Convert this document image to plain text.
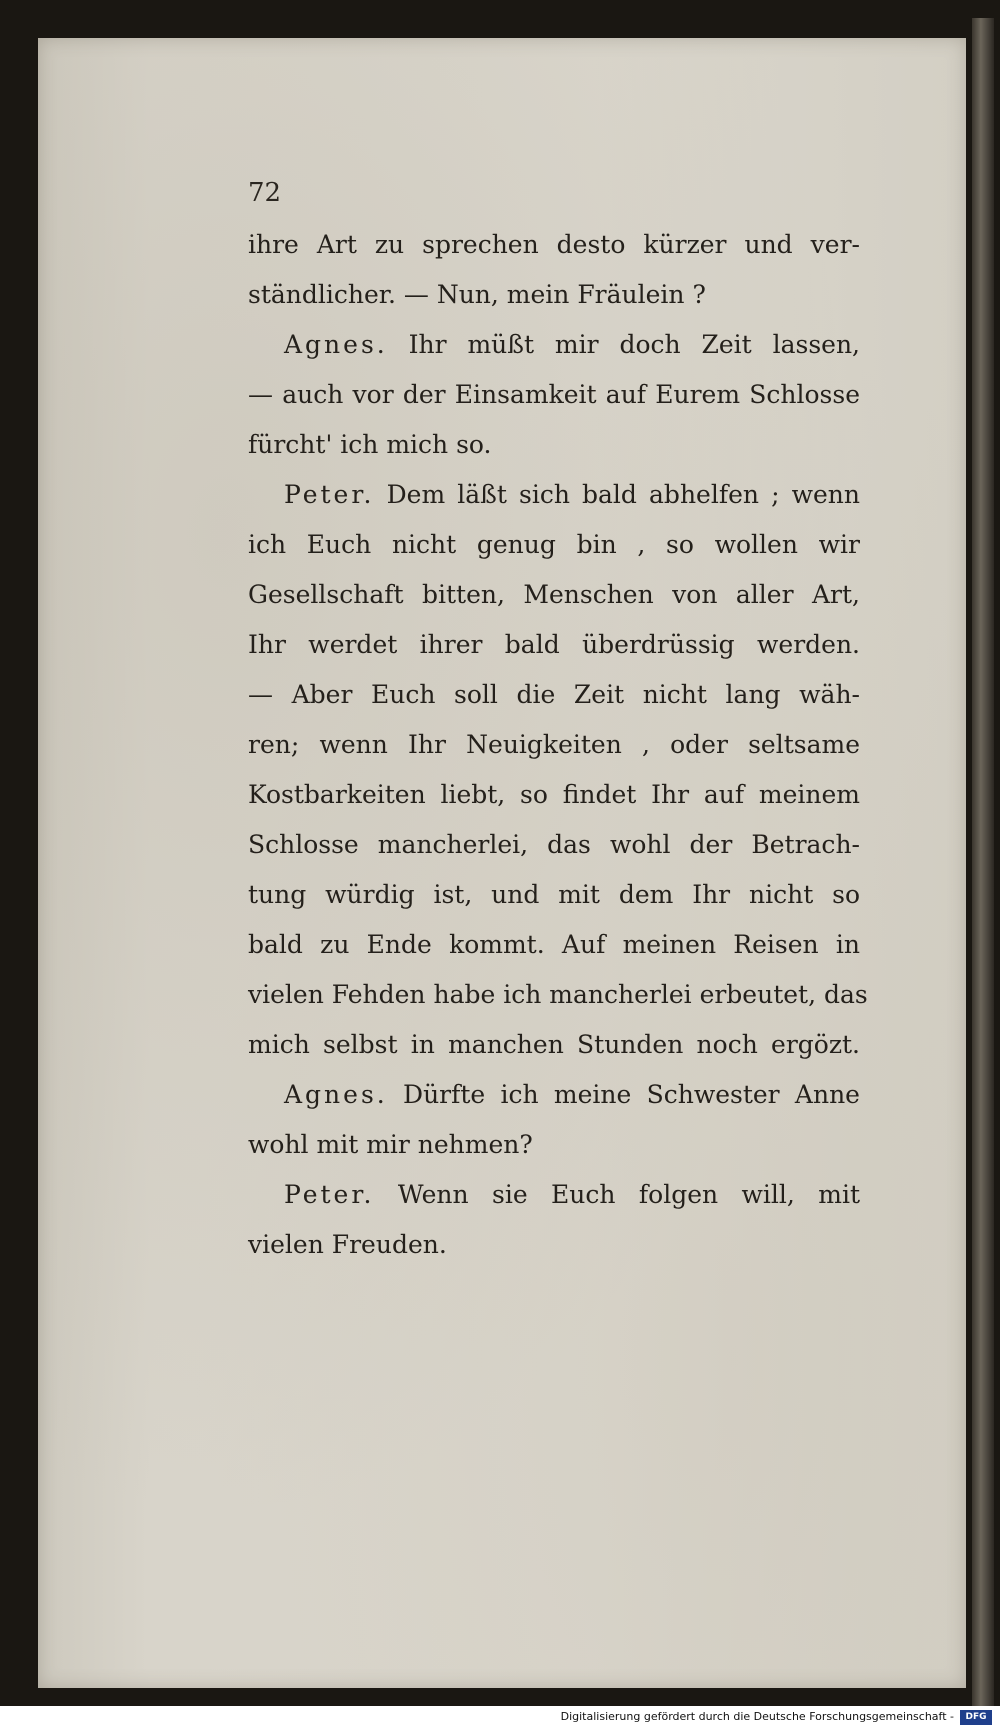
72
ihre Art zu sprechen desto kürzer und ver-
ständlicher. — Nun, mein Fräulein ?
Agnes. Ihr müßt mir doch Zeit lassen,
— auch vor der Einsamkeit auf Eurem Schlosse
fürcht' ich mich so.
Peter. Dem läßt sich bald abhelfen ; wenn
ich Euch nicht genug bin , so wollen wir
Gesellschaft bitten, Menschen von aller Art,
Ihr werdet ihrer bald überdrüssig werden.
— Aber Euch soll die Zeit nicht lang wäh-
ren; wenn Ihr Neuigkeiten , oder seltsame
Kostbarkeiten liebt, so findet Ihr auf meinem
Schlosse mancherlei, das wohl der Betrach-
tung würdig ist, und mit dem Ihr nicht so
bald zu Ende kommt. Auf meinen Reisen in
vielen Fehden habe ich mancherlei erbeutet, das
mich selbst in manchen Stunden noch ergözt.
Agnes. Dürfte ich meine Schwester Anne
wohl mit mir nehmen?
Peter. Wenn sie Euch folgen will, mit
vielen Freuden.
Digitalisierung gefördert durch die Deutsche Forschungsgemeinschaft -	DFG
